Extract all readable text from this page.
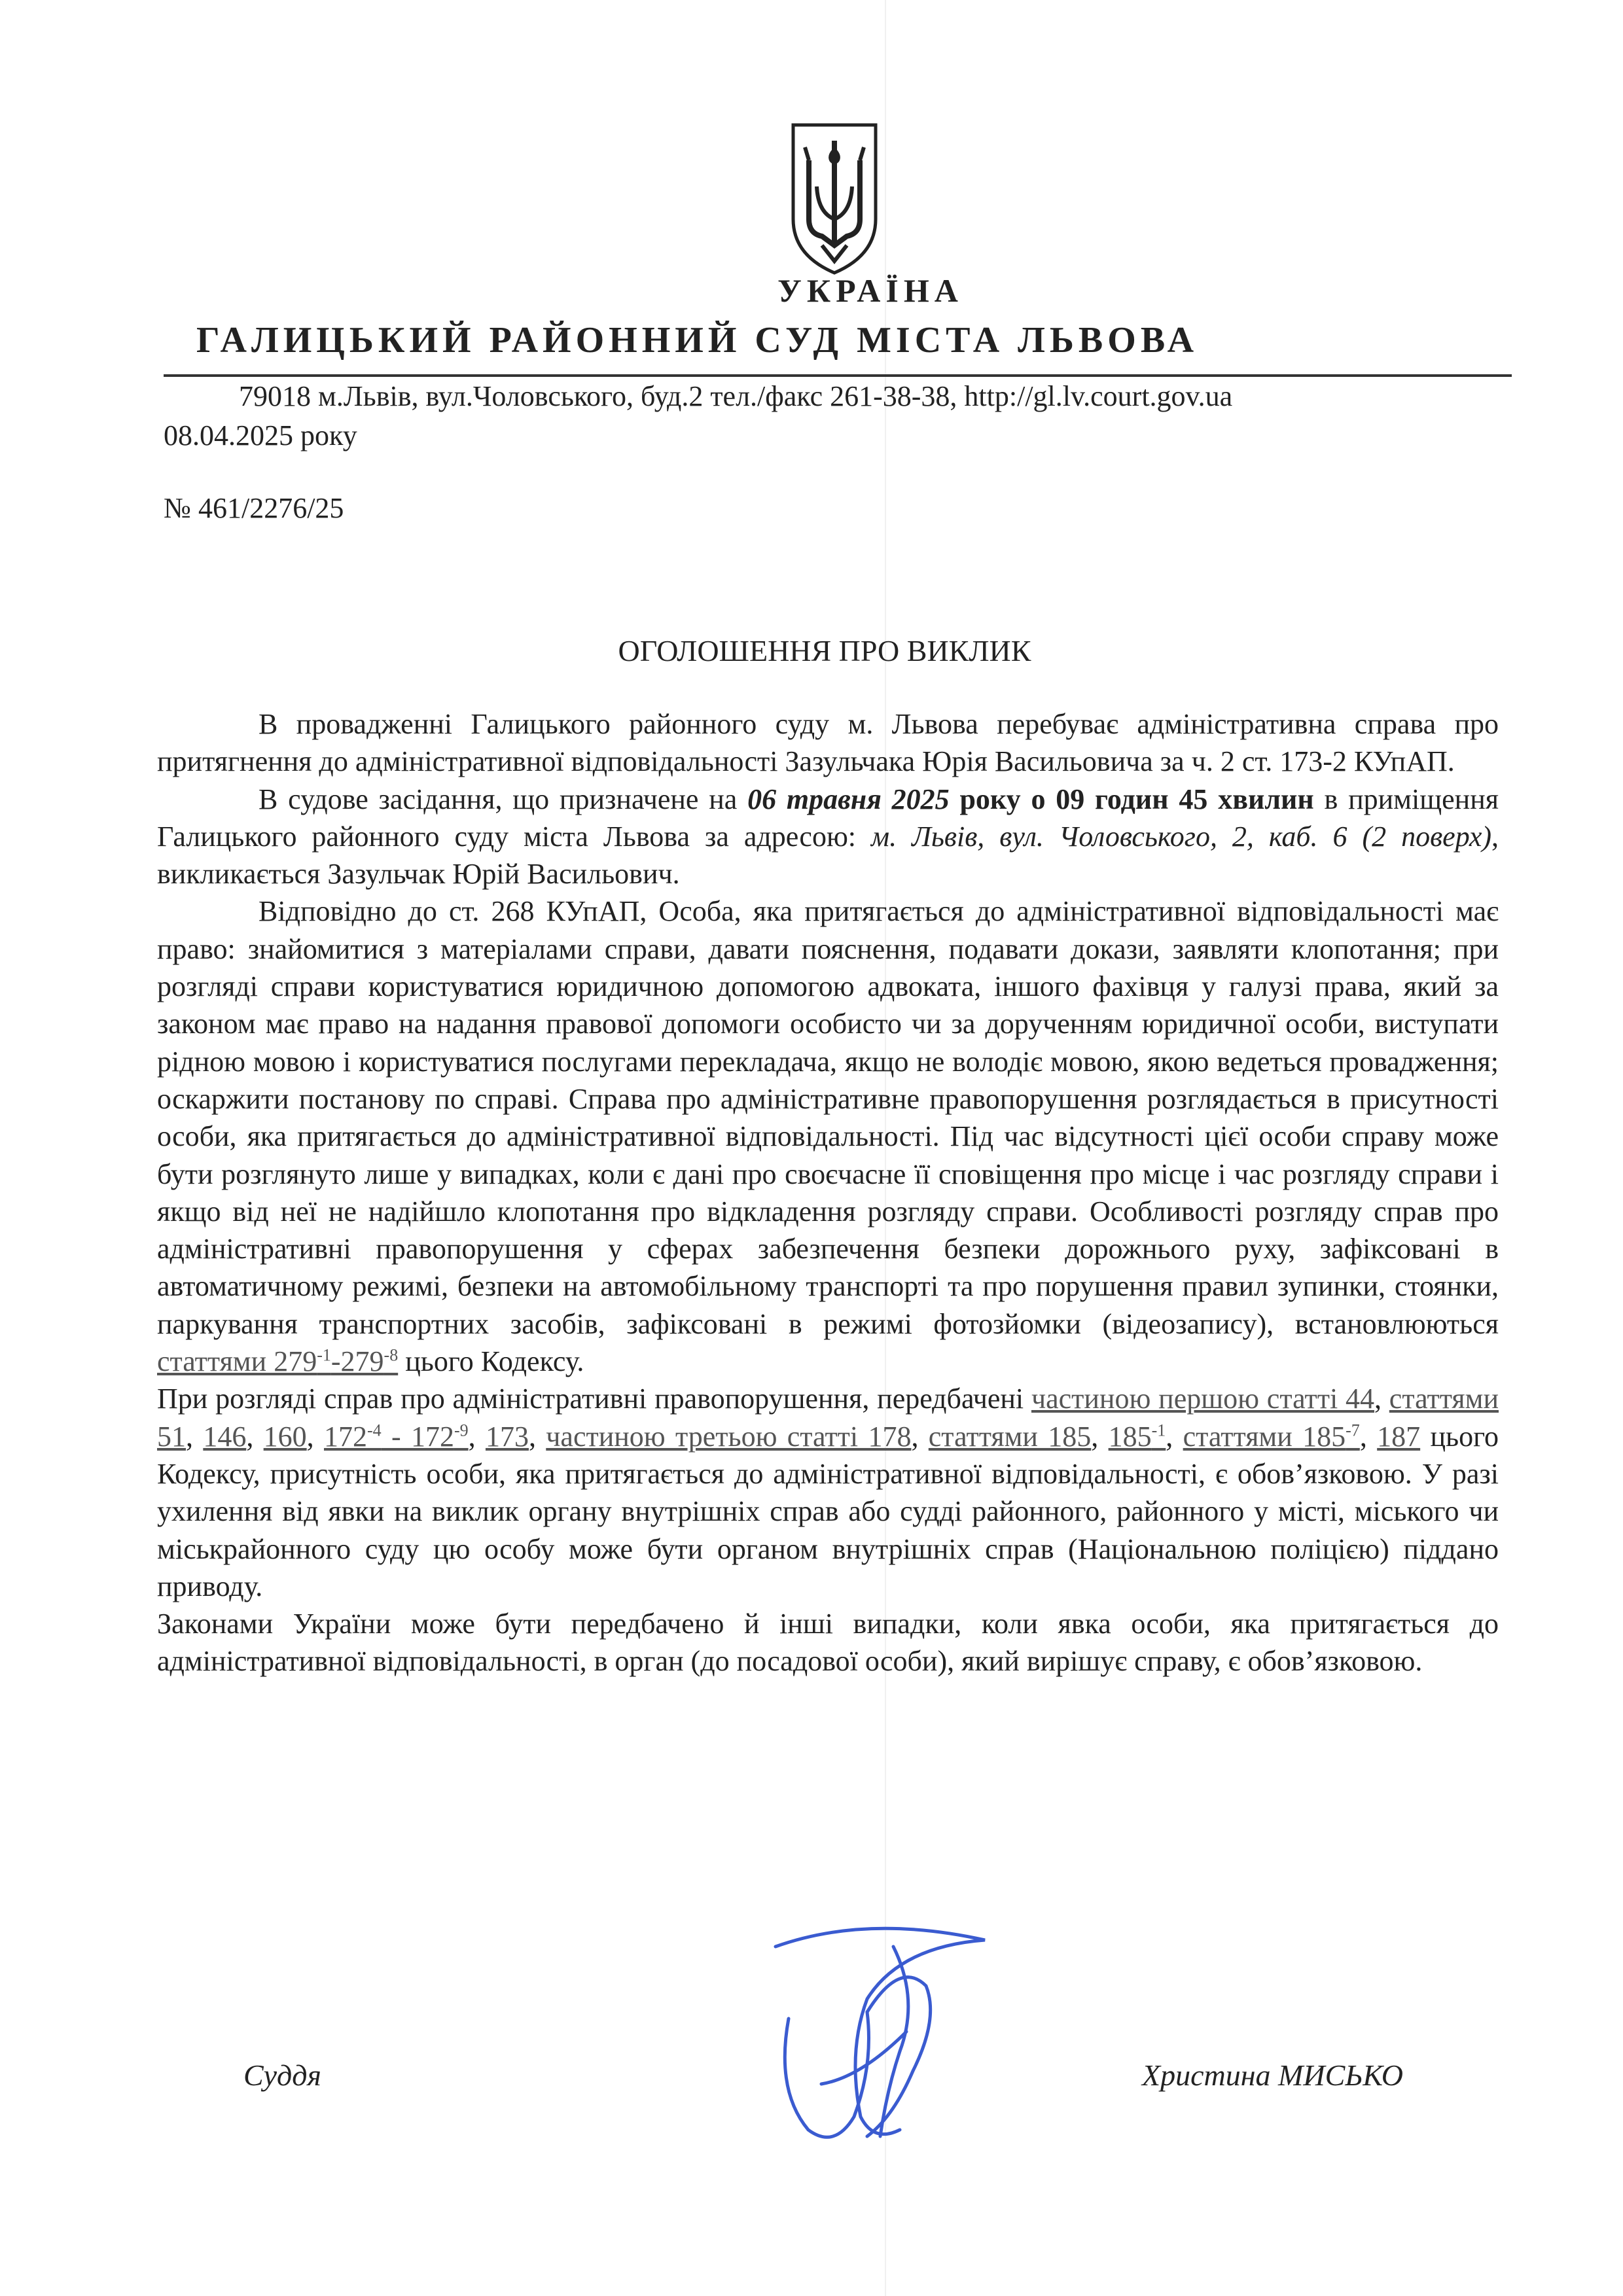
УКРАЇНА
ГАЛИЦЬКИЙ РАЙОННИЙ СУД МІСТА ЛЬВОВА
79018 м.Львів, вул.Чоловського, буд.2 тел./факс 261-38-38, http://gl.lv.court.gov.ua
08.04.2025 року
№ 461/2276/25
ОГОЛОШЕННЯ ПРО ВИКЛИК

В провадженні Галицького районного суду м. Львова перебуває адміністративна справа про притягнення до адміністративної відповідальності Зазульчака Юрія Васильовича за ч. 2 ст. 173-2 КУпАП.

В судове засідання, що призначене на 06 травня 2025 року о 09 годин 45 хвилин в приміщення Галицького районного суду міста Львова за адресою: м. Львів, вул. Чоловського, 2, каб. 6 (2 поверх), викликається Зазульчак Юрій Васильович.

Відповідно до ст. 268 КУпАП, Особа, яка притягається до адміністративної відповідальності має право: знайомитися з матеріалами справи, давати пояснення, подавати докази, заявляти клопотання; при розгляді справи користуватися юридичною допомогою адвоката, іншого фахівця у галузі права, який за законом має право на надання правової допомоги особисто чи за дорученням юридичної особи, виступати рідною мовою і користуватися послугами перекладача, якщо не володіє мовою, якою ведеться провадження; оскаржити постанову по справі. Справа про адміністративне правопорушення розглядається в присутності особи, яка притягається до адміністративної відповідальності. Під час відсутності цієї особи справу може бути розглянуто лише у випадках, коли є дані про своєчасне її сповіщення про місце і час розгляду справи і якщо від неї не надійшло клопотання про відкладення розгляду справи. Особливості розгляду справ про адміністративні правопорушення у сферах забезпечення безпеки дорожнього руху, зафіксовані в автоматичному режимі, безпеки на автомобільному транспорті та про порушення правил зупинки, стоянки, паркування транспортних засобів, зафіксовані в режимі фотозйомки (відеозапису), встановлюються статтями $279^{-1}-279^{-8}$ цього Кодексу.

При розгляді справ про адміністративні правопорушення, передбачені частиною першою статті 44, статтями 51, 146, 160, $172^{-4} - 172^{-9}$, 173, частиною третьою статті 178, статтями 185, $185^{-1}$, статтями $185^{-7}$, 187 цього Кодексу, присутність особи, яка притягається до адміністративної відповідальності, є обов’язковою. У разі ухилення від явки на виклик органу внутрішніх справ або судді районного, районного у місті, міського чи міськрайонного суду цю особу може бути органом внутрішніх справ (Національною поліцією) піддано приводу.

Законами України може бути передбачено й інші випадки, коли явка особи, яка притягається до адміністративної відповідальності, в орган (до посадової особи), який вирішує справу, є обов’язковою.

Суддя	Христина МИСЬКО
